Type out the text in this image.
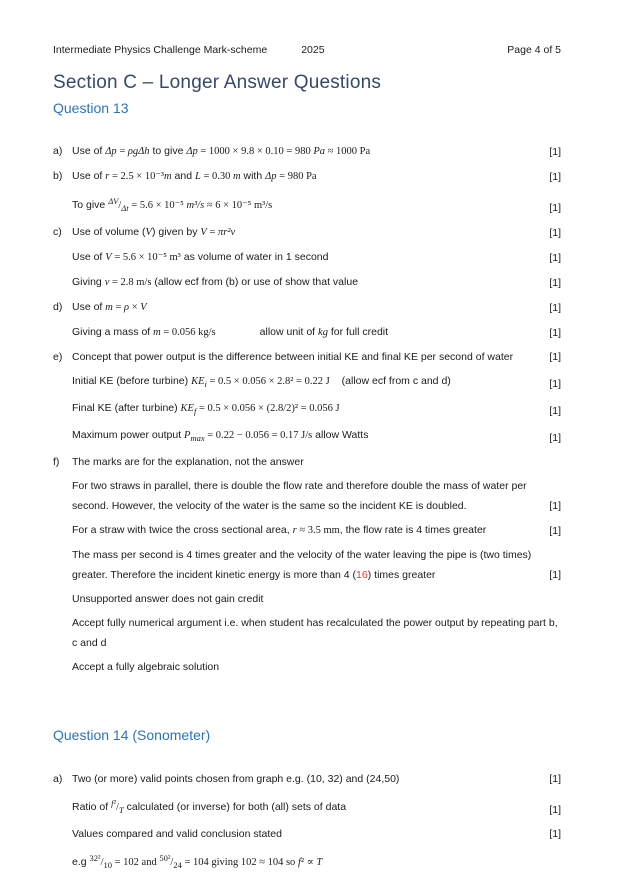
Intermediate Physics Challenge Mark-scheme	2025	Page 4 of 5
Section C – Longer Answer Questions
Question 13
a) Use of Δp = ρgΔh to give Δp = 1000 × 9.8 × 0.10 = 980 Pa ≈ 1000 Pa	[1]
b) Use of r = 2.5 × 10⁻³m and L = 0.30 m with Δp = 980 Pa	[1]
To give $^{\Delta V}/_{\Delta t} = 5.6 \times 10^{-5}$ m³/s ≈ 6 × 10⁻⁵ m³/s	[1]
c) Use of volume (V) given by V = πr²v	[1]
Use of V = 5.6 × 10⁻⁵ m³ as volume of water in 1 second	[1]
Giving v = 2.8 m/s (allow ecf from (b) or use of show that value	[1]
d) Use of m = ρ × V	[1]
Giving a mass of m = 0.056 kg/s	allow unit of kg for full credit	[1]
e) Concept that power output is the difference between initial KE and final KE per second of water	[1]
Initial KE (before turbine) $KE_i = 0.5 \times 0.056 \times 2.8^2 = 0.22$ J (allow ecf from c and d)	[1]
Final KE (after turbine) $KE_f = 0.5 \times 0.056 \times (2.8/2)^2 = 0.056$ J	[1]
Maximum power output $P_{max} = 0.22 - 0.056 = 0.17$ J/s allow Watts	[1]
f)	The marks are for the explanation, not the answer
For two straws in parallel, there is double the flow rate and therefore double the mass of water per second. However, the velocity of the water is the same so the incident KE is doubled.	[1]
For a straw with twice the cross sectional area, r ≈ 3.5 mm, the flow rate is 4 times greater	[1]
The mass per second is 4 times greater and the velocity of the water leaving the pipe is (two times) greater. Therefore the incident kinetic energy is more than 4 (16) times greater	[1]
Unsupported answer does not gain credit
Accept fully numerical argument i.e. when student has recalculated the power output by repeating part b, c and d
Accept a fully algebraic solution
Question 14 (Sonometer)
a) Two (or more) valid points chosen from graph e.g. (10, 32) and (24,50)	[1]
Ratio of $^{f^2}/_T$ calculated (or inverse) for both (all) sets of data	[1]
Values compared and valid conclusion stated	[1]
e.g $^{32^2}/_{10} = 102$ and $^{50^2}/_{24} = 104$ giving 102 ≈ 104 so f² ∝ T
